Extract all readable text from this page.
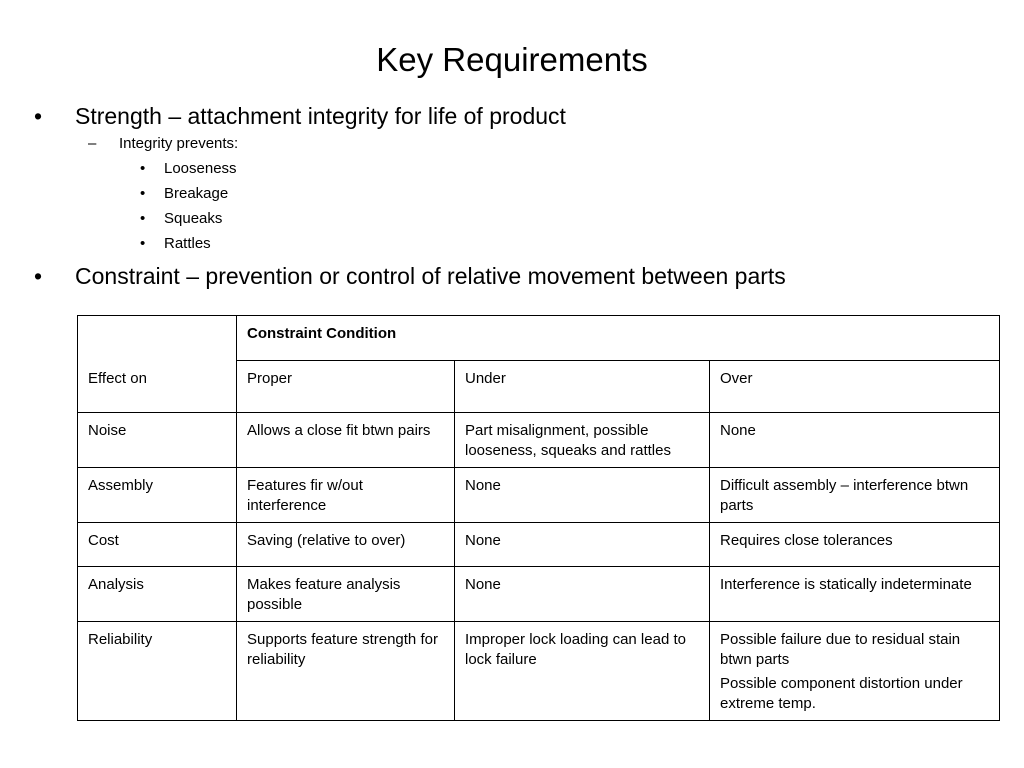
Key Requirements
• Strength – attachment integrity for life of product
– Integrity prevents:
• Looseness
• Breakage
• Squeaks
• Rattles
• Constraint – prevention or control of relative movement between parts
	Constraint Condition		
Effect on	Proper	Under	Over
Noise	Allows a close fit btwn pairs	Part misalignment, possible looseness, squeaks and rattles	None

Assembly	Features fir w/out interference	None	Difficult assembly – interference btwn parts

Cost	Saving (relative to over)	None	Requires close tolerances

Analysis	Makes feature analysis possible	None	Interference is statically indeterminate

Reliability	Supports feature strength for reliability	Improper lock loading can lead to lock failure	Possible failure due to residual stain btwn parts
Possible component distortion under extreme temp.
